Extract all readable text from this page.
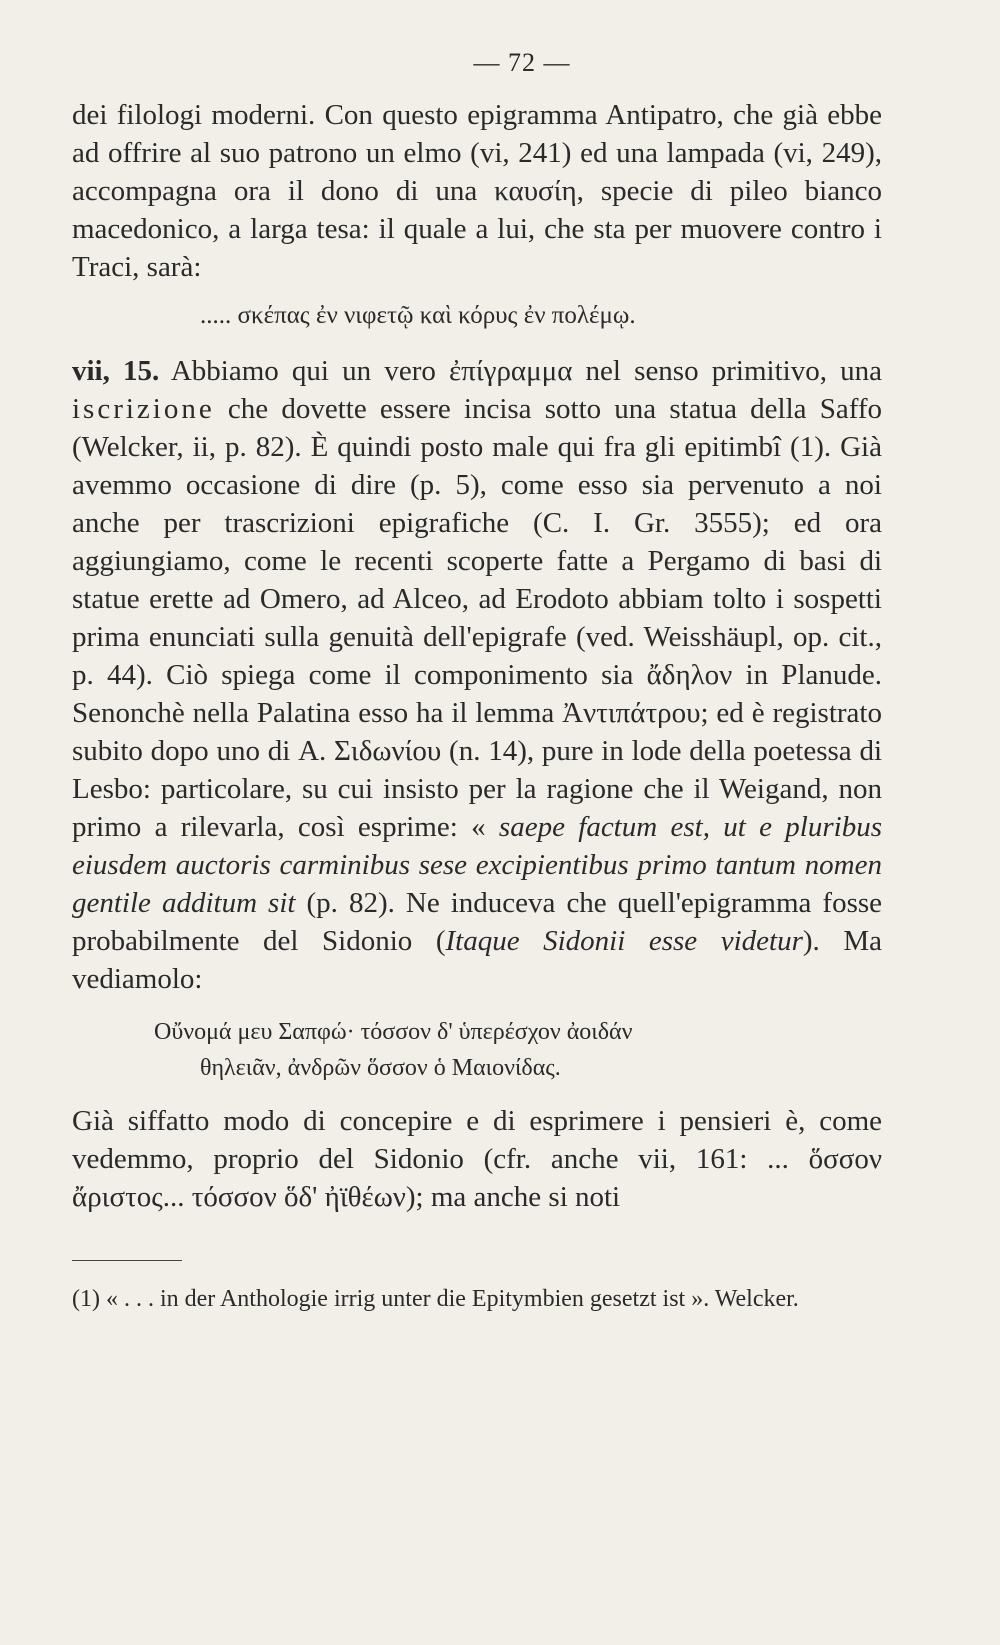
— 72 —

dei filologi moderni. Con questo epigramma Antipatro, che già ebbe ad offrire al suo patrono un elmo (vi, 241) ed una lampada (vi, 249), accompagna ora il dono di una καυσίη, specie di pileo bianco macedonico, a larga tesa: il quale a lui, che sta per muovere contro i Traci, sarà:

..... σκέπας ἐν νιφετῷ καὶ κόρυς ἐν πολέμῳ.

vii, 15. Abbiamo qui un vero ἐπίγραμμα nel senso primitivo, una iscrizione che dovette essere incisa sotto una statua della Saffo (Welcker, ii, p. 82). È quindi posto male qui fra gli epitimbî (1). Già avemmo occasione di dire (p. 5), come esso sia pervenuto a noi anche per trascrizioni epigrafiche (C. I. Gr. 3555); ed ora aggiungiamo, come le recenti scoperte fatte a Pergamo di basi di statue erette ad Omero, ad Alceo, ad Erodoto abbiam tolto i sospetti prima enunciati sulla genuità dell'epigrafe (ved. Weisshäupl, op. cit., p. 44). Ciò spiega come il componimento sia ἄδηλον in Planude. Senonchè nella Palatina esso ha il lemma Ἀντιπάτρου; ed è registrato subito dopo uno di Α. Σιδωνίου (n. 14), pure in lode della poetessa di Lesbo: particolare, su cui insisto per la ragione che il Weigand, non primo a rilevarla, così esprime: « saepe factum est, ut e pluribus eiusdem auctoris carminibus sese excipientibus primo tantum nomen gentile additum sit (p. 82). Ne induceva che quell'epigramma fosse probabilmente del Sidonio (Itaque Sidonii esse videtur). Ma vediamolo:

Οὔνομά μευ Σαπφώ· τόσσον δ' ὑπερέσχον ἀοιδάν
θηλειᾶν, ἀνδρῶν ὅσσον ὁ Μαιονίδας.

Già siffatto modo di concepire e di esprimere i pensieri è, come vedemmo, proprio del Sidonio (cfr. anche vii, 161: ... ὅσσον ἄριστος... τόσσον ὅδ' ἠϊθέων); ma anche si noti

(1) « . . . in der Anthologie irrig unter die Epitymbien gesetzt ist ». Welcker.
